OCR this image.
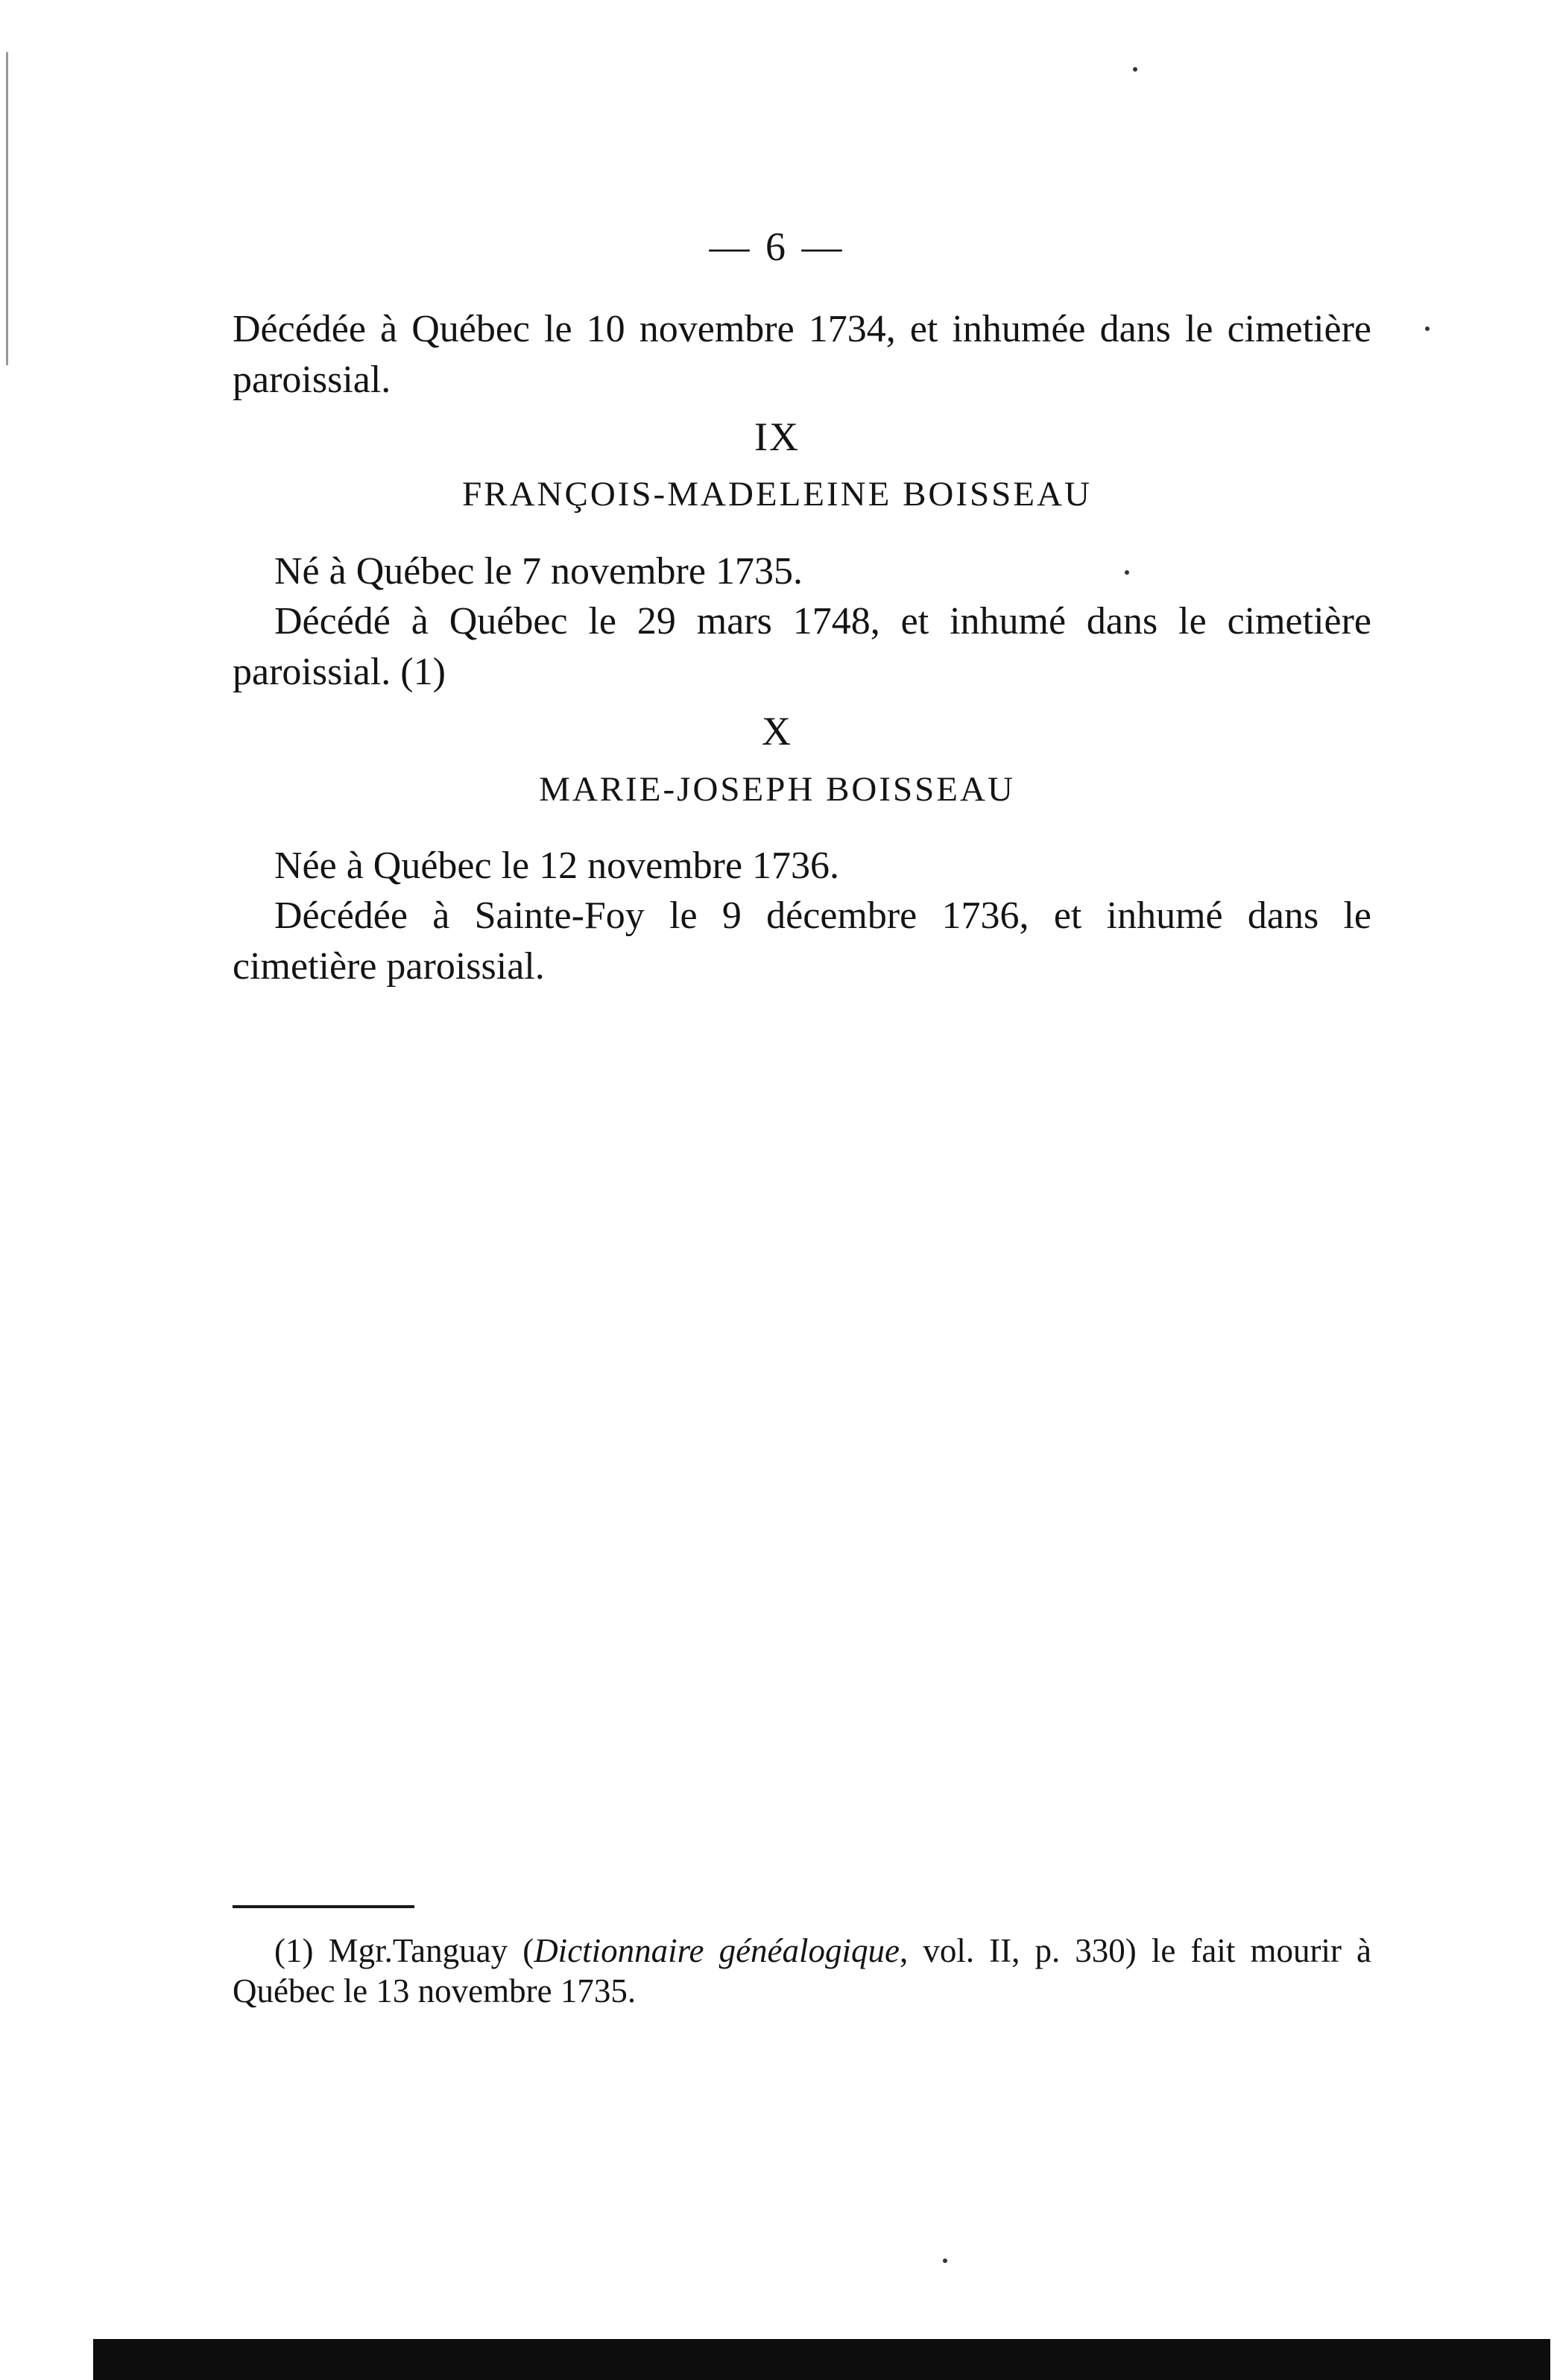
— 6 —

Décédée à Québec le 10 novembre 1734, et inhumée dans le cimetière paroissial.

IX
FRANÇOIS-MADELEINE BOISSEAU

Né à Québec le 7 novembre 1735.

Décédé à Québec le 29 mars 1748, et inhumé dans le cimetière paroissial. (1)

X
MARIE-JOSEPH BOISSEAU

Née à Québec le 12 novembre 1736.

Décédée à Sainte-Foy le 9 décembre 1736, et inhumé dans le cimetière paroissial.

(1) Mgr.Tanguay (Dictionnaire généalogique, vol. II, p. 330) le fait mourir à Québec le 13 novembre 1735.
